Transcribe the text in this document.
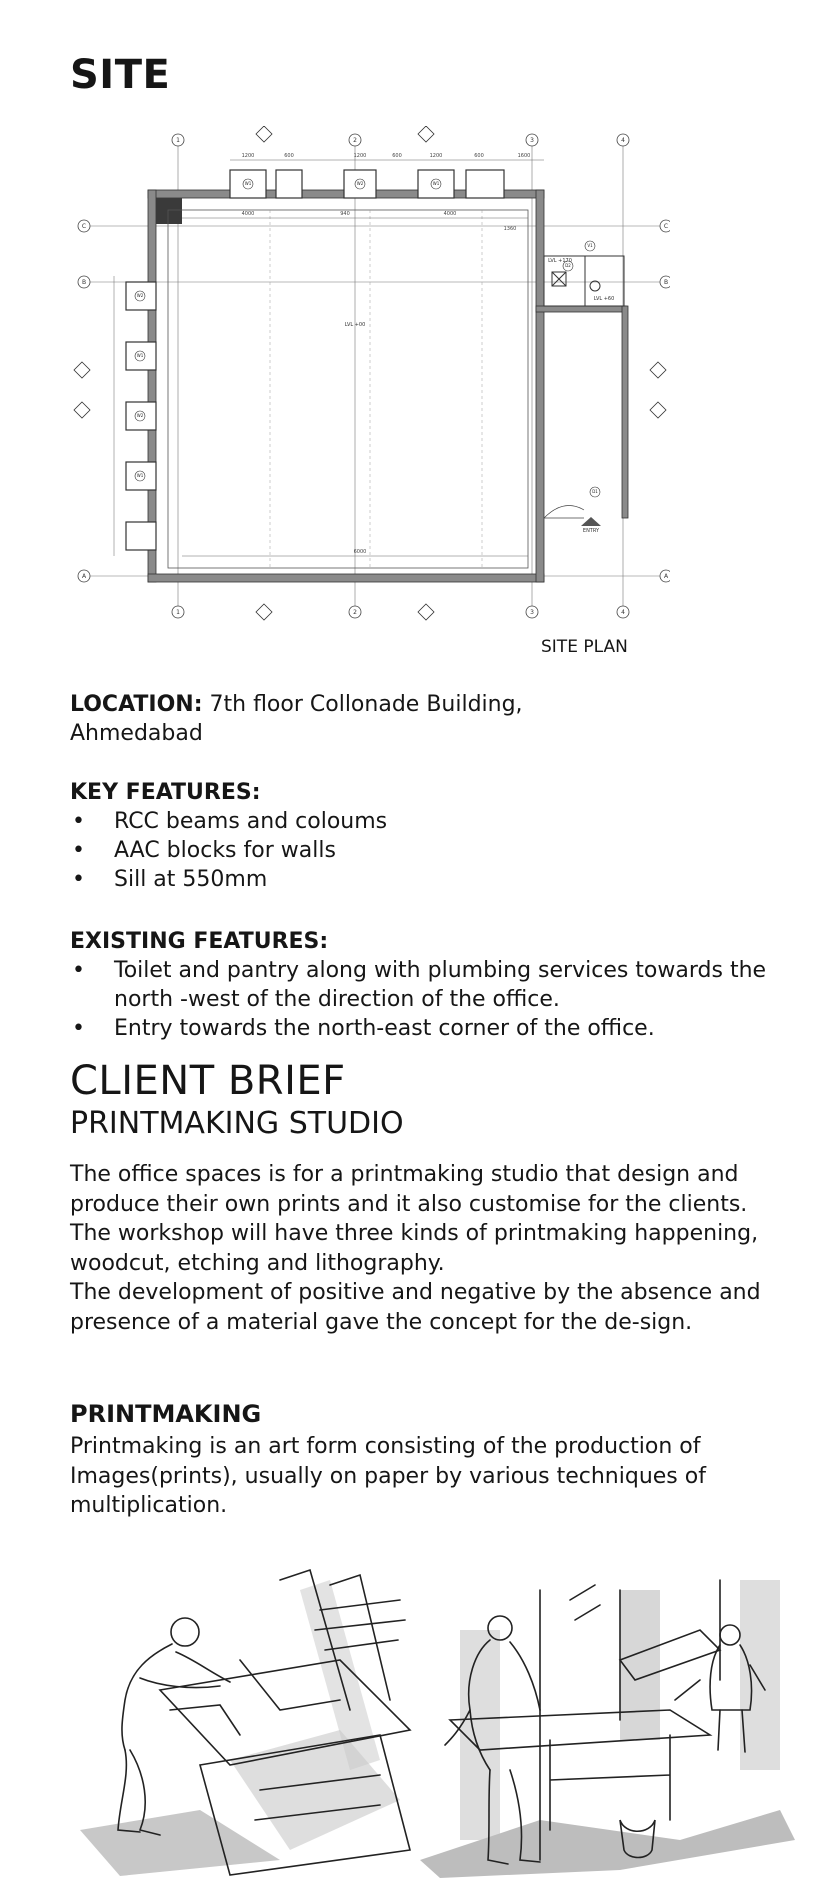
SITE
1	2	3	4
1	2	3	4
C
B
A
C
B
A
1200	600	1200	600	1200	600	1600
4000	940	4000
6000
1360
W1	W2	W1
W2
W1
W2
W1
V1
D2
D1
LVL +00
LVL +170
LVL +60
ENTRY
SITE PLAN
LOCATION: 7th floor Collonade Building,
Ahmedabad
KEY FEATURES:
• RCC beams and coloums
• AAC blocks for walls
• Sill at 550mm
EXISTING FEATURES:
• Toilet and pantry along with plumbing services towards the north -west of the direction of the office.
• Entry towards the north-east corner of the office.
CLIENT BRIEF
PRINTMAKING STUDIO

The office spaces is for a printmaking studio that design and produce their own prints and it also customise for the clients. The workshop will have three kinds of printmaking happening, woodcut, etching and lithography.

The development of positive and negative by the absence and presence of a material gave the concept for the de-sign.

PRINTMAKING

Printmaking is an art form consisting of the production of Images(prints), usually on paper by various techniques of multiplication.
